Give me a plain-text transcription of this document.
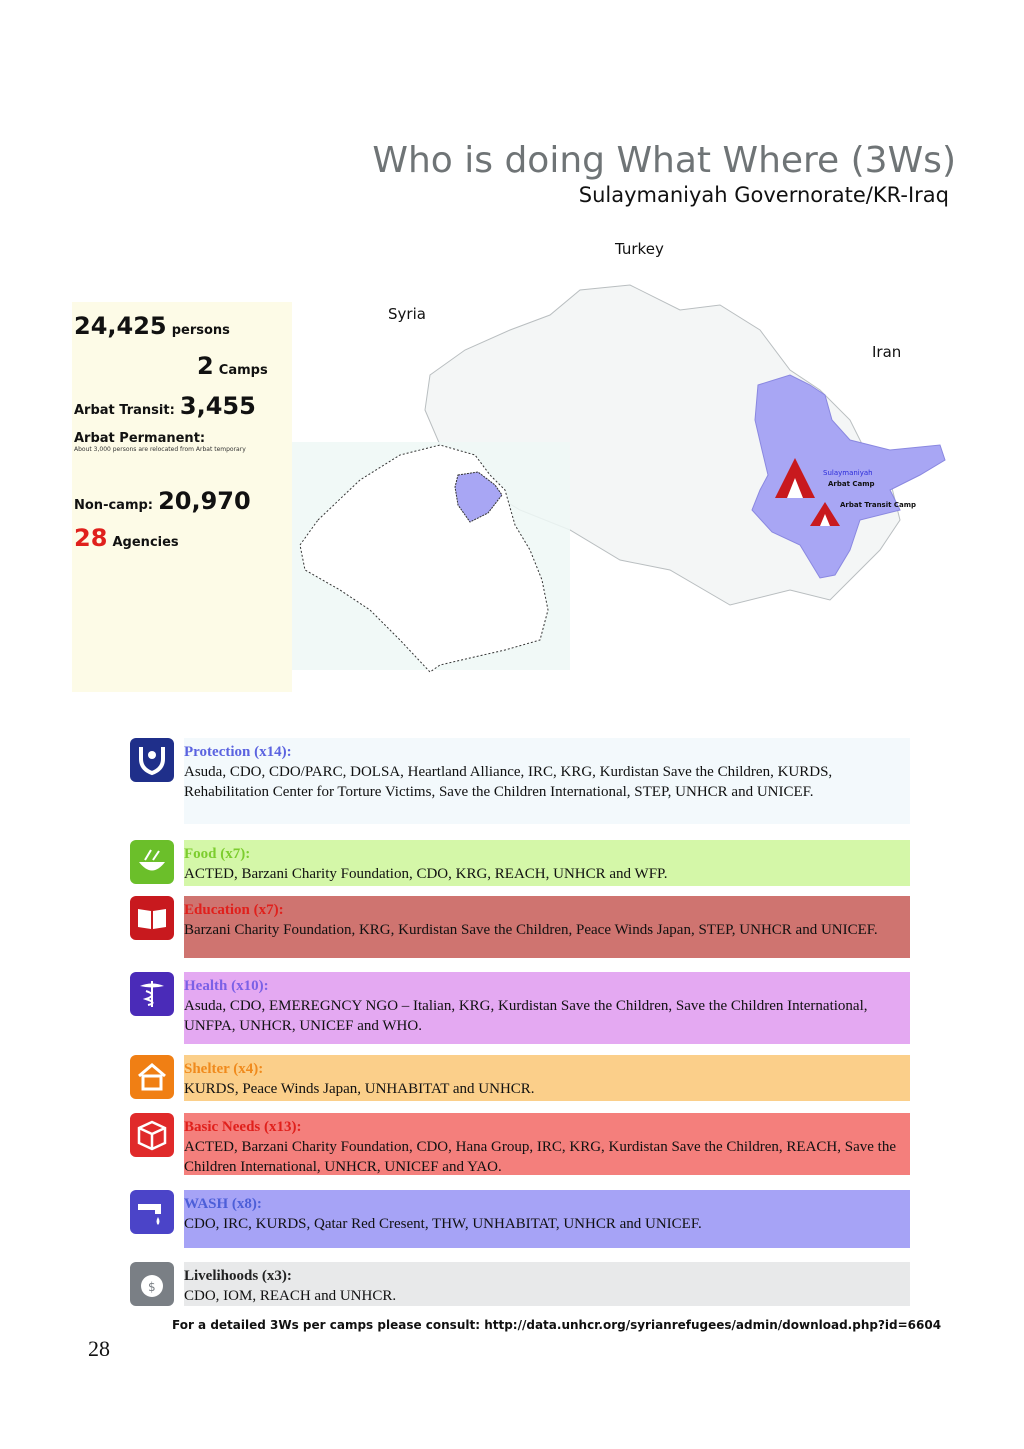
Who is doing What Where (3Ws)
Sulaymaniyah Governorate/KR-Iraq
Turkey
Syria
Iran
Sulaymaniyah
Arbat Camp
Arbat Transit Camp
24,425 persons
2 Camps
Arbat Transit: 3,455
Arbat Permanent:
About 3,000 persons are relocated from Arbat temporary
Non-camp: 20,970
28 Agencies
Protection (x14):
Asuda, CDO, CDO/PARC, DOLSA, Heartland Alliance, IRC, KRG, Kurdistan Save the Children, KURDS, Rehabilitation Center for Torture Victims, Save the Children International, STEP, UNHCR and UNICEF.
Food (x7):
ACTED, Barzani Charity Foundation, CDO, KRG, REACH, UNHCR and WFP.
Education (x7):
Barzani Charity Foundation, KRG, Kurdistan Save the Children, Peace Winds Japan, STEP, UNHCR and UNICEF.
Health (x10):
Asuda, CDO, EMEREGNCY NGO – Italian, KRG, Kurdistan Save the Children, Save the Children International, UNFPA, UNHCR, UNICEF and WHO.
Shelter (x4):
KURDS, Peace Winds Japan, UNHABITAT and UNHCR.
Basic Needs (x13):
ACTED, Barzani Charity Foundation, CDO, Hana Group, IRC, KRG, Kurdistan Save the Children, REACH, Save the Children International, UNHCR, UNICEF and YAO.
WASH (x8):
CDO, IRC, KURDS, Qatar Red Cresent, THW, UNHABITAT, UNHCR and UNICEF.
$
Livelihoods (x3):
CDO, IOM, REACH and UNHCR.
For a detailed 3Ws per camps please consult: http://data.unhcr.org/syrianrefugees/admin/download.php?id=6604
28
